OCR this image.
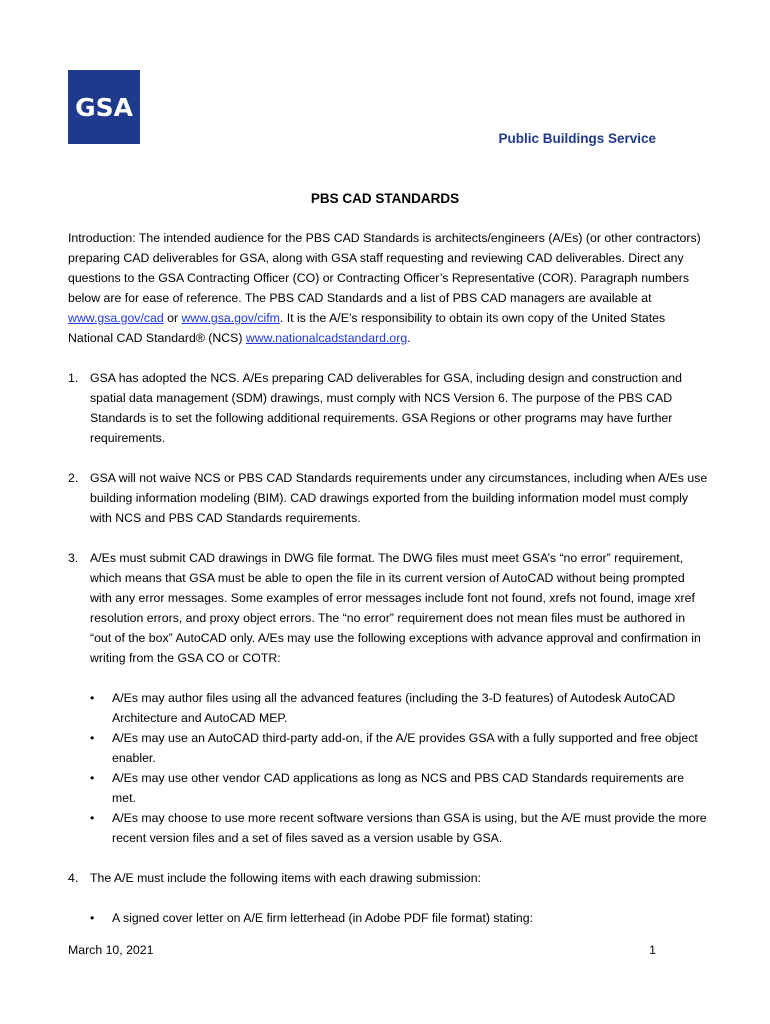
GSA
Public Buildings Service
PBS CAD STANDARDS

Introduction: The intended audience for the PBS CAD Standards is architects/engineers (A/Es) (or other contractors) preparing CAD deliverables for GSA, along with GSA staff requesting and reviewing CAD deliverables. Direct any questions to the GSA Contracting Officer (CO) or Contracting Officer’s Representative (COR). Paragraph numbers below are for ease of reference. The PBS CAD Standards and a list of PBS CAD managers are available at www.gsa.gov/cad or www.gsa.gov/cifm. It is the A/E’s responsibility to obtain its own copy of the United States National CAD Standard® (NCS) www.nationalcadstandard.org.

1. GSA has adopted the NCS. A/Es preparing CAD deliverables for GSA, including design and construction and spatial data management (SDM) drawings, must comply with NCS Version 6. The purpose of the PBS CAD Standards is to set the following additional requirements. GSA Regions or other programs may have further requirements.
2. GSA will not waive NCS or PBS CAD Standards requirements under any circumstances, including when A/Es use building information modeling (BIM). CAD drawings exported from the building information model must comply with NCS and PBS CAD Standards requirements.
3. A/Es must submit CAD drawings in DWG file format. The DWG files must meet GSA’s “no error” requirement, which means that GSA must be able to open the file in its current version of AutoCAD without being prompted with any error messages. Some examples of error messages include font not found, xrefs not found, image xref resolution errors, and proxy object errors. The “no error” requirement does not mean files must be authored in “out of the box” AutoCAD only. A/Es may use the following exceptions with advance approval and confirmation in writing from the GSA CO or COTR:
•	A/Es may author files using all the advanced features (including the 3-D features) of Autodesk AutoCAD Architecture and AutoCAD MEP.
•	A/Es may use an AutoCAD third-party add-on, if the A/E provides GSA with a fully supported and free object enabler.
•	A/Es may use other vendor CAD applications as long as NCS and PBS CAD Standards requirements are met.
•	A/Es may choose to use more recent software versions than GSA is using, but the A/E must provide the more recent version files and a set of files saved as a version usable by GSA.
4. The A/E must include the following items with each drawing submission:
•	A signed cover letter on A/E firm letterhead (in Adobe PDF file format) stating:
March 10, 2021	1
